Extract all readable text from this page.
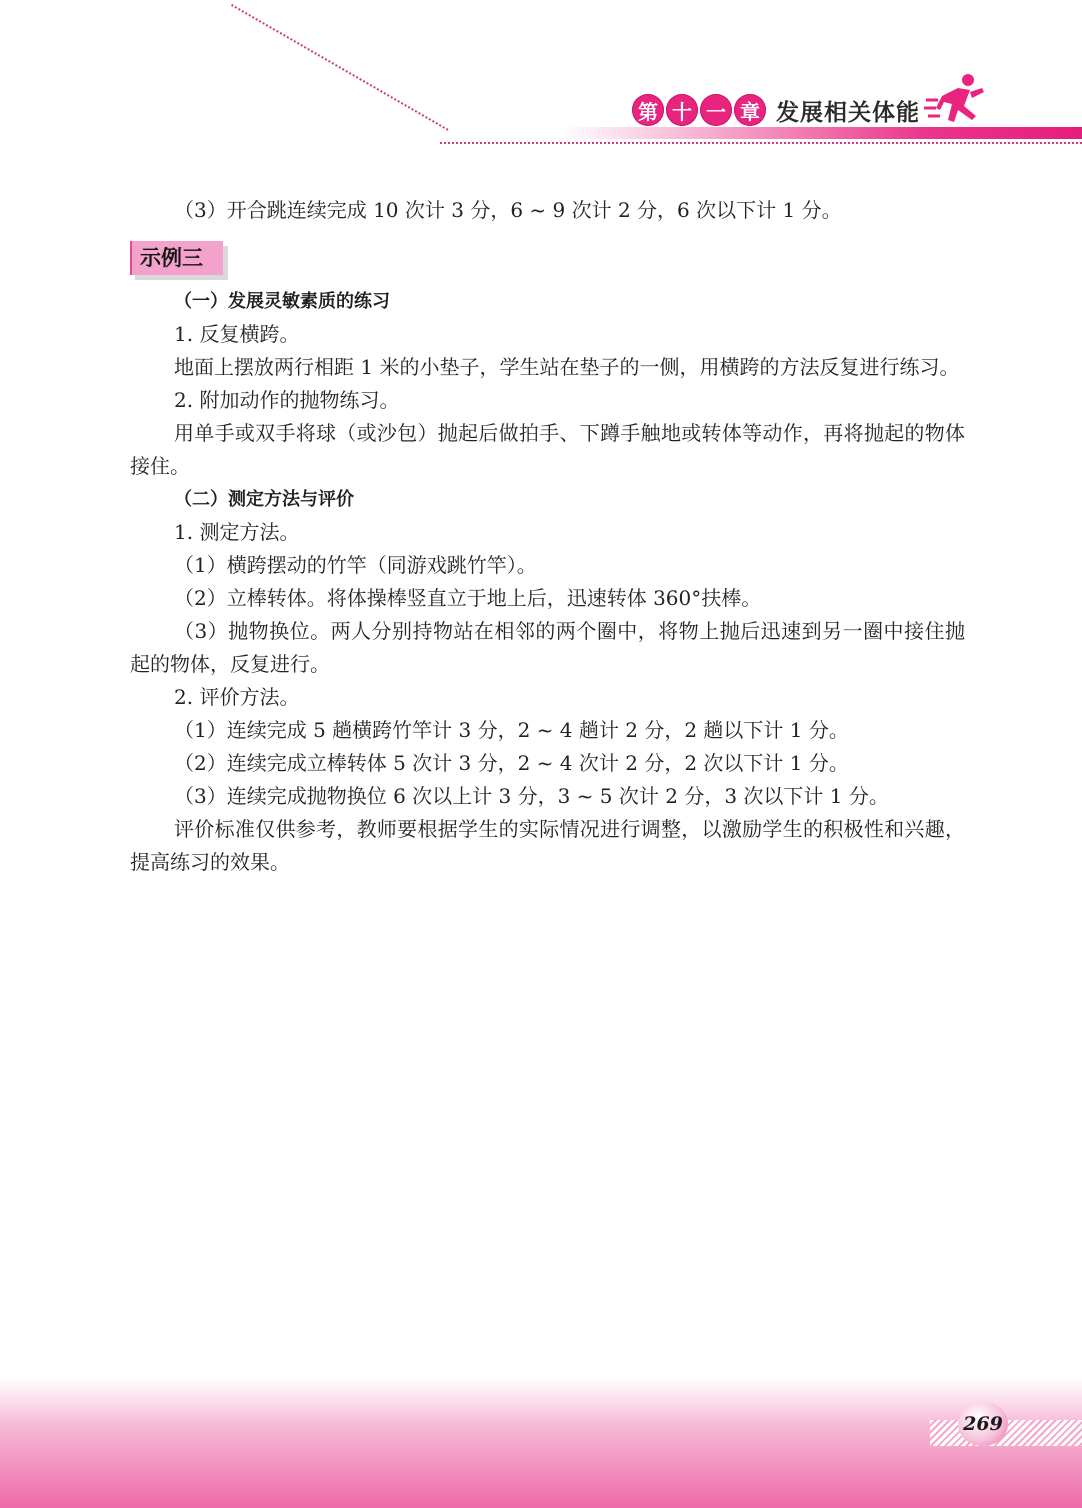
第 十 一 章 发展相关体能

（3）开合跳连续完成 10 次计 3 分，6 ~ 9 次计 2 分，6 次以下计 1 分。

示例三
（一）发展灵敏素质的练习

1. 反复横跨。

地面上摆放两行相距 1 米的小垫子，学生站在垫子的一侧，用横跨的方法反复进行练习。

2. 附加动作的抛物练习。

用单手或双手将球（或沙包）抛起后做拍手、下蹲手触地或转体等动作，再将抛起的物体接住。

（二）测定方法与评价

1. 测定方法。

（1）横跨摆动的竹竿（同游戏跳竹竿）。

（2）立棒转体。将体操棒竖直立于地上后，迅速转体 360°扶棒。

（3）抛物换位。两人分别持物站在相邻的两个圈中，将物上抛后迅速到另一圈中接住抛起的物体，反复进行。

2. 评价方法。

（1）连续完成 5 趟横跨竹竿计 3 分，2 ~ 4 趟计 2 分，2 趟以下计 1 分。

（2）连续完成立棒转体 5 次计 3 分，2 ~ 4 次计 2 分，2 次以下计 1 分。

（3）连续完成抛物换位 6 次以上计 3 分，3 ~ 5 次计 2 分，3 次以下计 1 分。

评价标准仅供参考，教师要根据学生的实际情况进行调整，以激励学生的积极性和兴趣，提高练习的效果。

269
